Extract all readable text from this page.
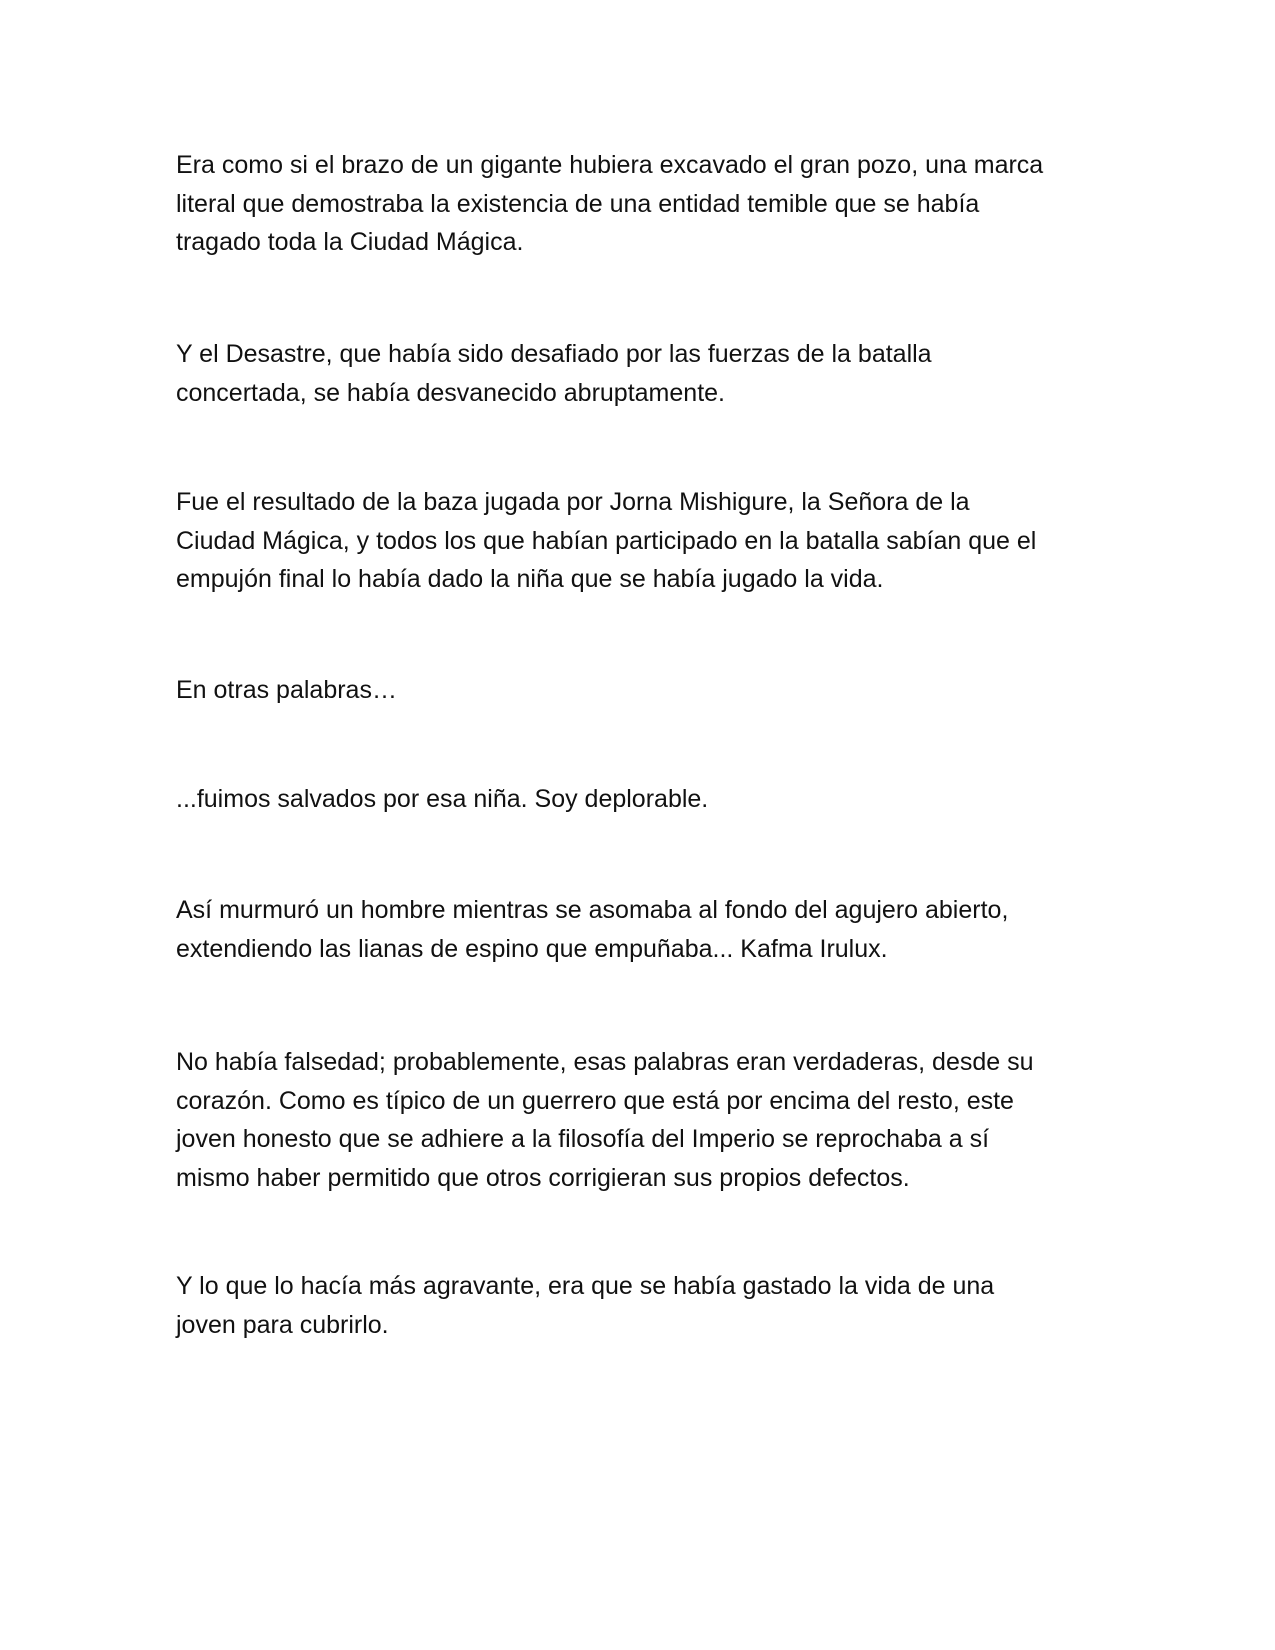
Era como si el brazo de un gigante hubiera excavado el gran pozo, una marca
literal que demostraba la existencia de una entidad temible que se había
tragado toda la Ciudad Mágica.

Y el Desastre, que había sido desafiado por las fuerzas de la batalla
concertada, se había desvanecido abruptamente.

Fue el resultado de la baza jugada por Jorna Mishigure, la Señora de la
Ciudad Mágica, y todos los que habían participado en la batalla sabían que el
empujón final lo había dado la niña que se había jugado la vida.

En otras palabras…

...fuimos salvados por esa niña. Soy deplorable.

Así murmuró un hombre mientras se asomaba al fondo del agujero abierto,
extendiendo las lianas de espino que empuñaba... Kafma Irulux.

No había falsedad; probablemente, esas palabras eran verdaderas, desde su
corazón. Como es típico de un guerrero que está por encima del resto, este
joven honesto que se adhiere a la filosofía del Imperio se reprochaba a sí
mismo haber permitido que otros corrigieran sus propios defectos.

Y lo que lo hacía más agravante, era que se había gastado la vida de una
joven para cubrirlo.
